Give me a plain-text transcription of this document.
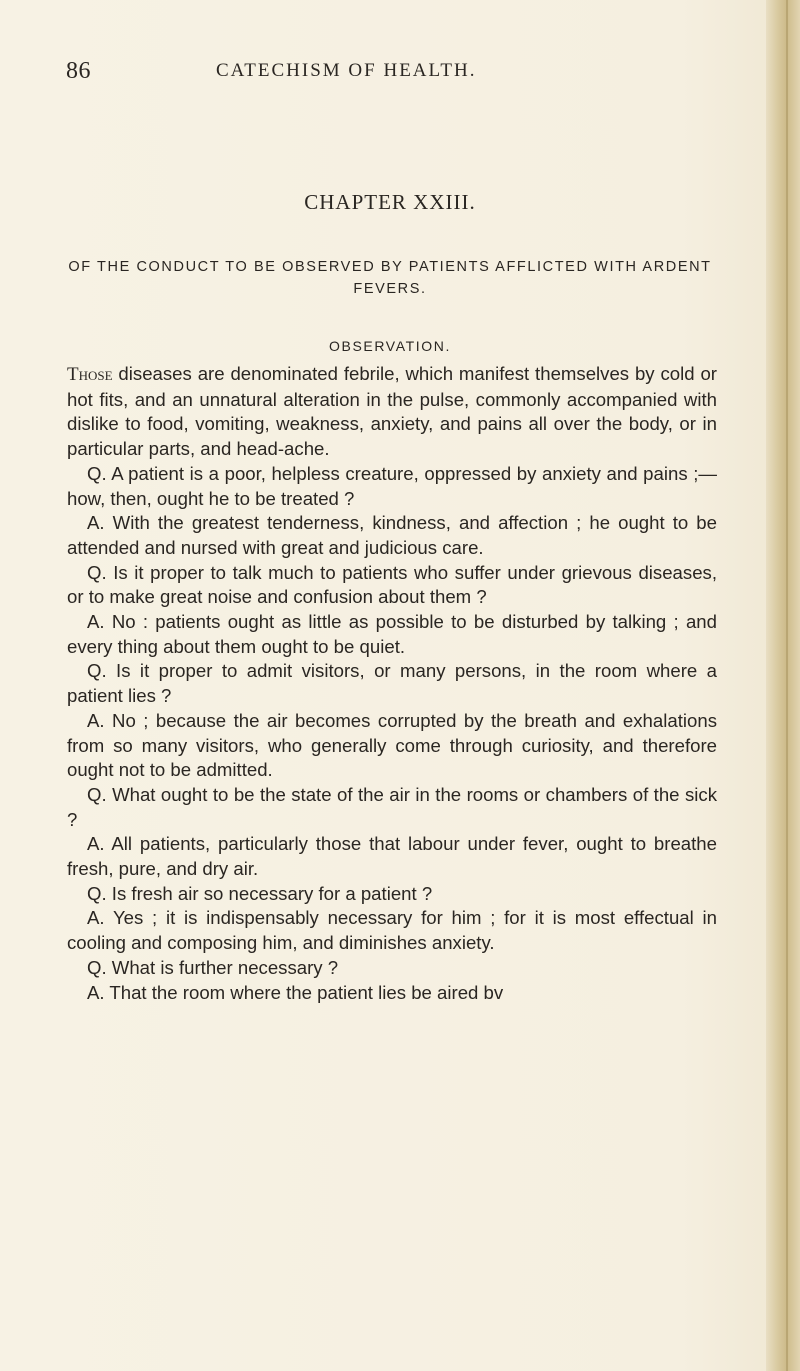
86	CATECHISM OF HEALTH.
CHAPTER XXIII.
OF THE CONDUCT TO BE OBSERVED BY PATIENTS AFFLICTED WITH ARDENT FEVERS.
OBSERVATION.

Those diseases are denominated febrile, which manifest themselves by cold or hot fits, and an unnatural alteration in the pulse, commonly accompanied with dislike to food, vomiting, weakness, anxiety, and pains all over the body, or in particular parts, and head-ache.

Q. A patient is a poor, helpless creature, oppressed by anxiety and pains ;—how, then, ought he to be treated ?

A. With the greatest tenderness, kindness, and affection ; he ought to be attended and nursed with great and judicious care.

Q. Is it proper to talk much to patients who suffer under grievous diseases, or to make great noise and confusion about them ?

A. No : patients ought as little as possible to be disturbed by talking ; and every thing about them ought to be quiet.

Q. Is it proper to admit visitors, or many persons, in the room where a patient lies ?

A. No ; because the air becomes corrupted by the breath and exhalations from so many visitors, who generally come through curiosity, and therefore ought not to be admitted.

Q. What ought to be the state of the air in the rooms or chambers of the sick ?

A. All patients, particularly those that labour under fever, ought to breathe fresh, pure, and dry air.

Q. Is fresh air so necessary for a patient ?

A. Yes ; it is indispensably necessary for him ; for it is most effectual in cooling and composing him, and diminishes anxiety.

Q. What is further necessary ?

A. That the room where the patient lies be aired bv
